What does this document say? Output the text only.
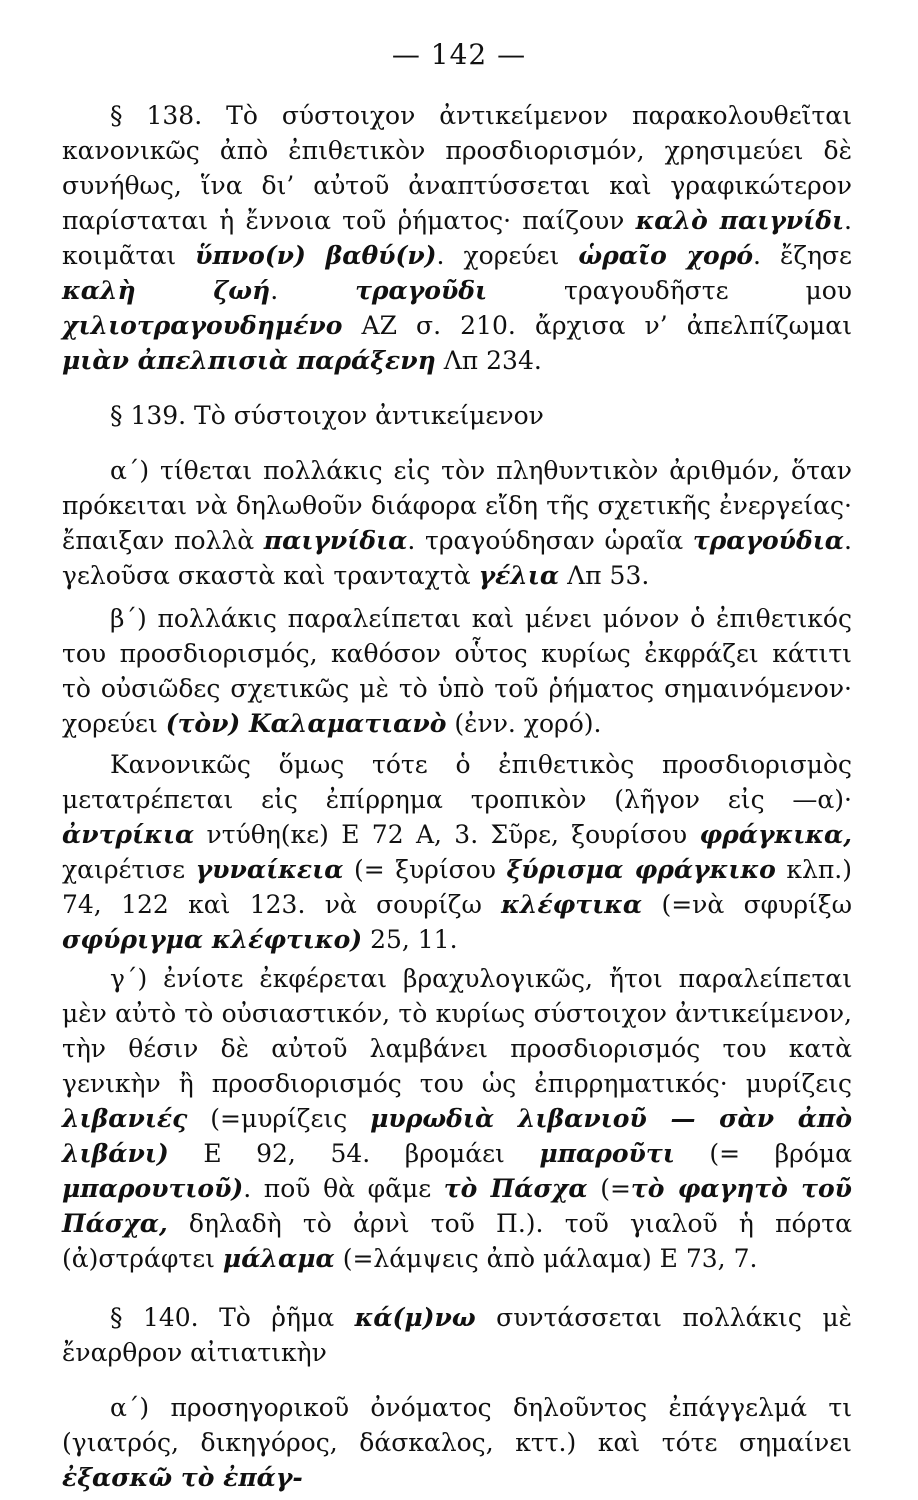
— 142 —

§ 138. Τὸ σύστοιχον ἀντικείμενον παρακολουθεῖται κανονικῶς ἀπὸ ἐπιθετικὸν προσδιορισμόν, χρησιμεύει δὲ συνήθως, ἵνα δι’ αὐτοῦ ἀναπτύσσεται καὶ γραφικώτερον παρίσταται ἡ ἔννοια τοῦ ῥήματος· παίζουν καλὸ παιγνίδι. κοιμᾶται ὕπνο(ν) βαθύ(ν). χορεύει ὡραῖο χορό. ἔζησε καλὴ ζωή. τραγοῦδι τραγουδῆστε μου χιλιοτραγουδημένο ΑΖ σ. 210. ἄρχισα ν’ ἀπελπίζωμαι μιὰν ἀπελπισιὰ παράξενη Λπ 234.

§ 139. Τὸ σύστοιχον ἀντικείμενον

α΄) τίθεται πολλάκις εἰς τὸν πληθυντικὸν ἀριθμόν, ὅταν πρόκειται νὰ δηλωθοῦν διάφορα εἴδη τῆς σχετικῆς ἐνεργείας· ἔπαιξαν πολλὰ παιγνίδια. τραγούδησαν ὡραῖα τραγούδια. γελοῦσα σκαστὰ καὶ τρανταχτὰ γέλια Λπ 53.

β΄) πολλάκις παραλείπεται καὶ μένει μόνον ὁ ἐπιθετικός του προσδιορισμός, καθόσον οὗτος κυρίως ἐκφράζει κάτιτι τὸ οὐσιῶδες σχετικῶς μὲ τὸ ὑπὸ τοῦ ῥήματος σημαινόμενον· χορεύει (τὸν) Καλαματιανὸ (ἐνν. χορό).

Κανονικῶς ὅμως τότε ὁ ἐπιθετικὸς προσδιορισμὸς μετατρέπεται εἰς ἐπίρρημα τροπικὸν (λῆγον εἰς —α)· ἀντρίκια ντύθη(κε) Ε 72 Α, 3. Σῦρε, ξουρίσου φράγκικα, χαιρέτισε γυναίκεια (= ξυρίσου ξύρισμα φράγκικο κλπ.) 74, 122 καὶ 123. νὰ σουρίζω κλέφτικα (=νὰ σφυρίξω σφύριγμα κλέφτικο) 25, 11.

γ΄) ἐνίοτε ἐκφέρεται βραχυλογικῶς, ἤτοι παραλείπεται μὲν αὐτὸ τὸ οὐσιαστικόν, τὸ κυρίως σύστοιχον ἀντικείμενον, τὴν θέσιν δὲ αὐτοῦ λαμβάνει προσδιορισμός του κατὰ γενικὴν ἢ προσδιορισμός του ὡς ἐπιρρηματικός· μυρίζεις λιβανιές (=μυρίζεις μυρωδιὰ λιβανιοῦ — σὰν ἀπὸ λιβάνι) Ε 92, 54. βρομάει μπαροῦτι (= βρόμα μπαρουτιοῦ). ποῦ θὰ φᾶμε τὸ Πάσχα (=τὸ φαγητὸ τοῦ Πάσχα, δηλαδὴ τὸ ἀρνὶ τοῦ Π.). τοῦ γιαλοῦ ἡ πόρτα (ἀ)στράφτει μάλαμα (=λάμψεις ἀπὸ μάλαμα) Ε 73, 7.

§ 140. Τὸ ῥῆμα κά(μ)νω συντάσσεται πολλάκις μὲ ἔναρθρον αἰτιατικὴν

α΄) προσηγορικοῦ ὀνόματος δηλοῦντος ἐπάγγελμά τι (γιατρός, δικηγόρος, δάσκαλος, κττ.) καὶ τότε σημαίνει ἐξασκῶ τὸ ἐπάγ-
